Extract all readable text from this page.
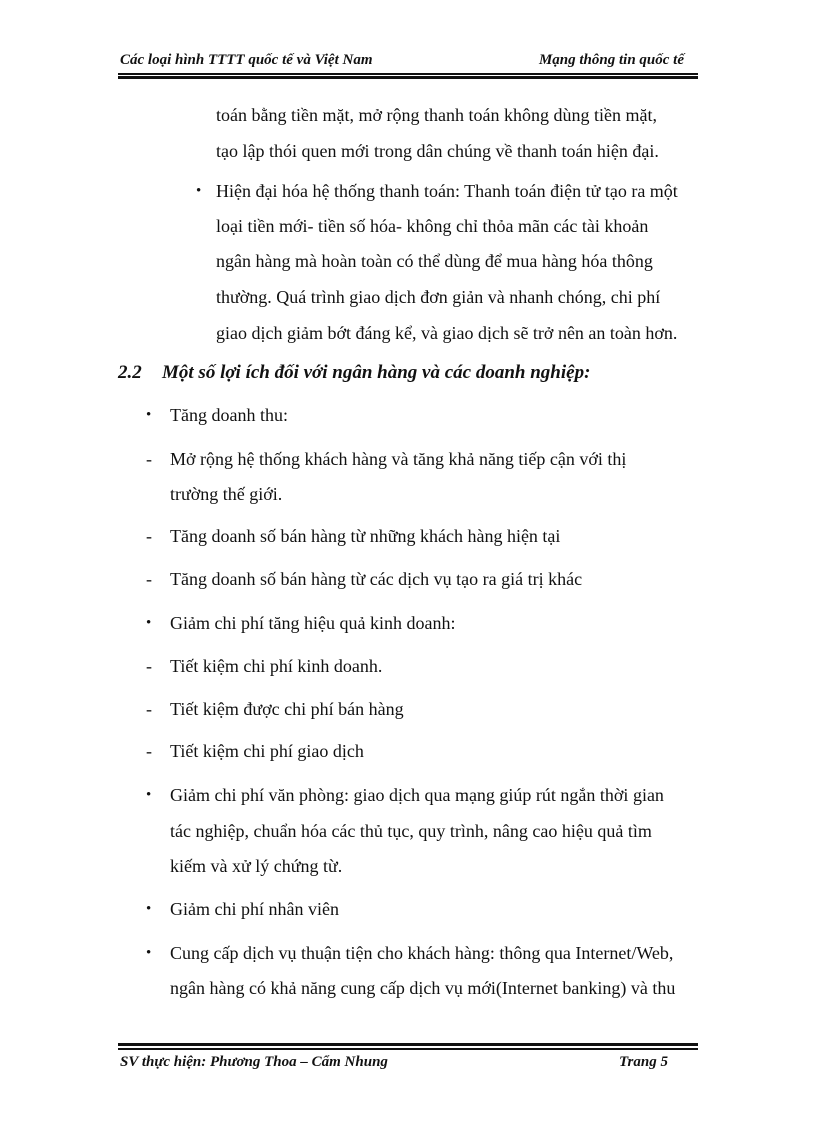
Các loại hình TTTT quốc tế và Việt Nam	Mạng thông tin quốc tế
toán bằng tiền mặt, mở rộng thanh toán không dùng tiền mặt,
tạo lập thói quen mới trong dân chúng về thanh toán hiện đại.
• Hiện đại hóa hệ thống thanh toán: Thanh toán điện tử tạo ra một
loại tiền mới- tiền số hóa- không chỉ thỏa mãn các tài khoản
ngân hàng mà hoàn toàn có thể dùng để mua hàng hóa thông
thường. Quá trình giao dịch đơn giản và nhanh chóng, chi phí
giao dịch giảm bớt đáng kể, và giao dịch sẽ trở nên an toàn hơn.
2.2 Một số lợi ích đối với ngân hàng và các doanh nghiệp:
• Tăng doanh thu:
- Mở rộng hệ thống khách hàng và tăng khả năng tiếp cận với thị
trường thế giới.
- Tăng doanh số bán hàng từ những khách hàng hiện tại
- Tăng doanh số bán hàng từ các dịch vụ tạo ra giá trị khác
• Giảm chi phí tăng hiệu quả kinh doanh:
- Tiết kiệm chi phí kinh doanh.
- Tiết kiệm được chi phí bán hàng
- Tiết kiệm chi phí giao dịch
• Giảm chi phí văn phòng: giao dịch qua mạng giúp rút ngắn thời gian
tác nghiệp, chuẩn hóa các thủ tục, quy trình, nâng cao hiệu quả tìm
kiếm và xử lý chứng từ.
• Giảm chi phí nhân viên
• Cung cấp dịch vụ thuận tiện cho khách hàng: thông qua Internet/Web,
ngân hàng có khả năng cung cấp dịch vụ mới(Internet banking) và thu
SV thực hiện: Phương Thoa – Cẩm Nhung	Trang 5
